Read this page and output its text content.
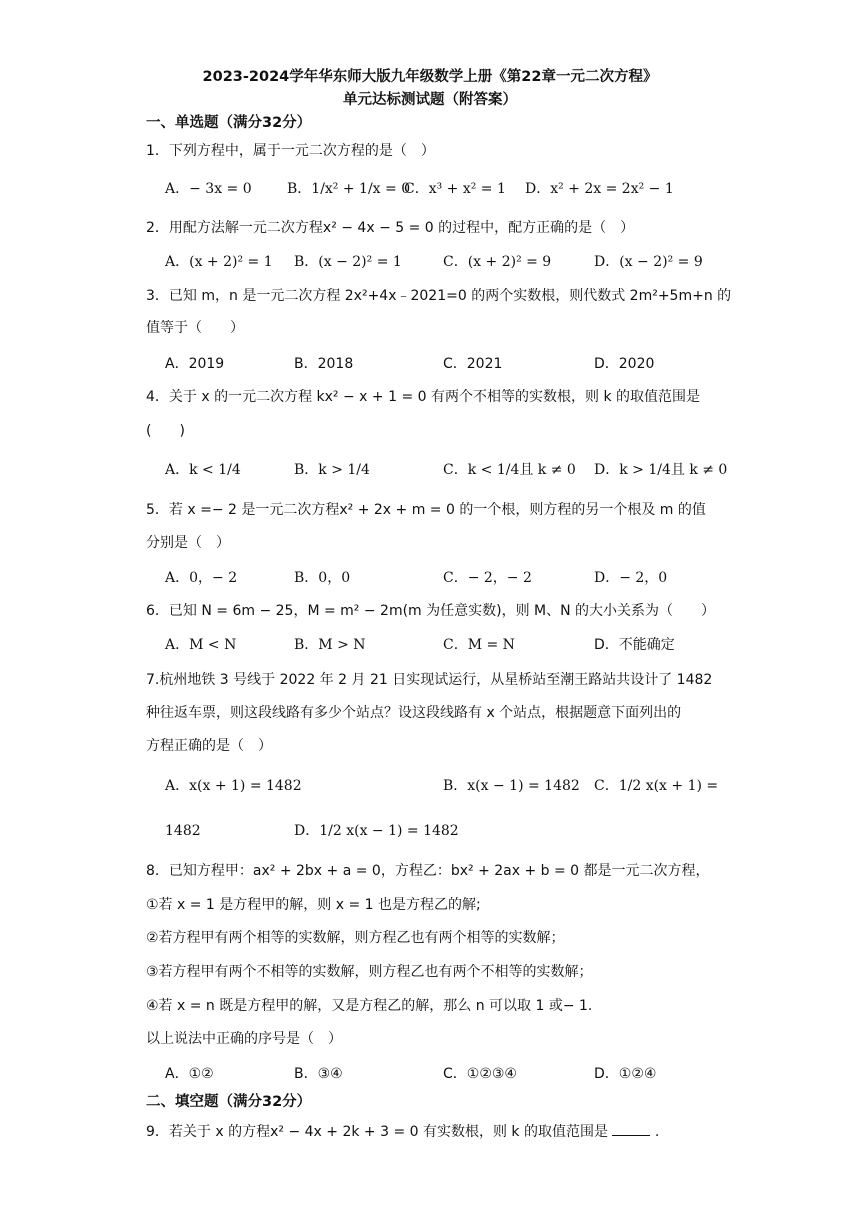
2023-2024学年华东师大版九年级数学上册《第22章一元二次方程》
单元达标测试题（附答案）
一、单选题（满分32分）
1．下列方程中，属于一元二次方程的是（　）
A．− 3x = 0	B．1/x² + 1/x = 0
C．x³ + x² = 1 D．x² + 2x = 2x² − 1
2．用配方法解一元二次方程x² − 4x − 5 = 0 的过程中，配方正确的是（　）
A．(x + 2)² = 1 B．(x − 2)² = 1	C．(x + 2)² = 9	D．(x − 2)² = 9
3．已知 m，n 是一元二次方程 2x²+4x﹣2021=0 的两个实数根，则代数式 2m²+5m+n 的
值等于（　　）
A．2019	B．2018	C．2021	D．2020
4．关于 x 的一元二次方程 kx² − x + 1 = 0 有两个不相等的实数根，则 k 的取值范围是
(　　)
A．k < 1/4	B．k > 1/4	C．k < 1/4且 k ≠ 0 D．k > 1/4且 k ≠ 0
5．若 x =− 2 是一元二次方程x² + 2x + m = 0 的一个根，则方程的另一个根及 m 的值
分别是（　）
A．0，− 2	B．0，0	C．− 2，− 2	D．− 2，0
6．已知 N = 6m − 25，M = m² − 2m(m 为任意实数)，则 M、N 的大小关系为（　　）
A．M < N	B．M > N	C．M = N	D．不能确定
7.杭州地铁 3 号线于 2022 年 2 月 21 日实现试运行，从星桥站至潮王路站共设计了 1482
种往返车票，则这段线路有多少个站点？设这段线路有 x 个站点，根据题意下面列出的
方程正确的是（　）
A．x(x + 1) = 1482	B．x(x − 1) = 1482 C．1/2 x(x + 1) =
1482	D．1/2 x(x − 1) = 1482
8．已知方程甲：ax² + 2bx + a = 0，方程乙：bx² + 2ax + b = 0 都是一元二次方程，
①若 x = 1 是方程甲的解，则 x = 1 也是方程乙的解;
②若方程甲有两个相等的实数解，则方程乙也有两个相等的实数解；
③若方程甲有两个不相等的实数解，则方程乙也有两个不相等的实数解；
④若 x = n 既是方程甲的解，又是方程乙的解，那么 n 可以取 1 或− 1.
以上说法中正确的序号是（　）
A．①②	B．③④	C．①②③④	D．①②④
二、填空题（满分32分）
9．若关于 x 的方程x² − 4x + 2k + 3 = 0 有实数根，则 k 的取值范围是	.
